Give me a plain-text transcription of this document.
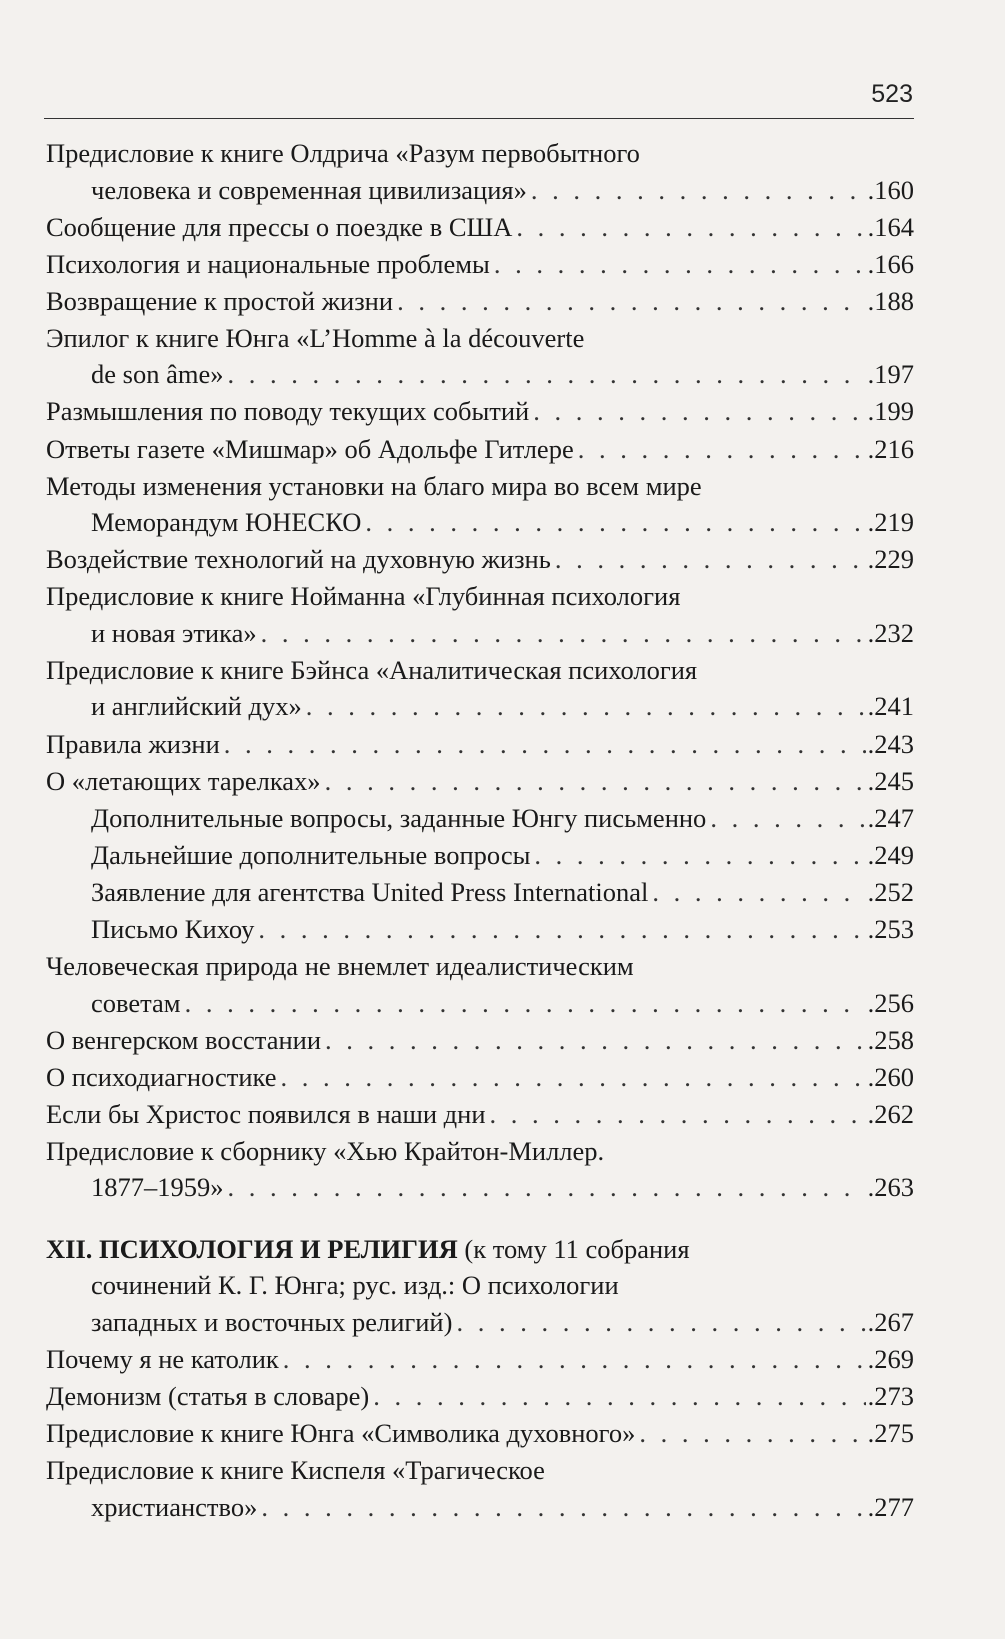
523
Предисловие к книге Олдрича «Разум первобытного
человека и современная цивилизация» . . .	.160
Сообщение для прессы о поездке в США . . .	.164
Психология и национальные проблемы . . .	.166
Возвращение к простой жизни . . .	.188
Эпилог к книге Юнга «L’Homme à la découverte
de son âme» . . .	.197
Размышления по поводу текущих событий . . .	.199
Ответы газете «Мишмар» об Адольфе Гитлере . . .	.216
Методы изменения установки на благо мира во всем мире
Меморандум ЮНЕСКО . . .	.219
Воздействие технологий на духовную жизнь . . .	.229
Предисловие к книге Нойманна «Глубинная психология
и новая этика» . . .	.232
Предисловие к книге Бэйнса «Аналитическая психология
и английский дух» . . .	.241
Правила жизни . . .	.243
О «летающих тарелках» . . .	.245
Дополнительные вопросы, заданные Юнгу письменно . . .	.247
Дальнейшие дополнительные вопросы . . .	.249
Заявление для агентства United Press International . . .	.252
Письмо Кихоу . . .	.253
Человеческая природа не внемлет идеалистическим
советам . . .	.256
О венгерском восстании . . .	.258
О психодиагностике . . .	.260
Если бы Христос появился в наши дни . . .	.262
Предисловие к сборнику «Хью Крайтон-Миллер.
1877–1959» . . .	.263
XII. ПСИХОЛОГИЯ И РЕЛИГИЯ (к тому 11 собрания
сочинений К. Г. Юнга; рус. изд.: О психологии
западных и восточных религий) . . .	.267
Почему я не католик . . .	.269
Демонизм (статья в словаре) . . .	.273
Предисловие к книге Юнга «Символика духовного» . . .	.275
Предисловие к книге Киспеля «Трагическое
христианство» . . .	.277
